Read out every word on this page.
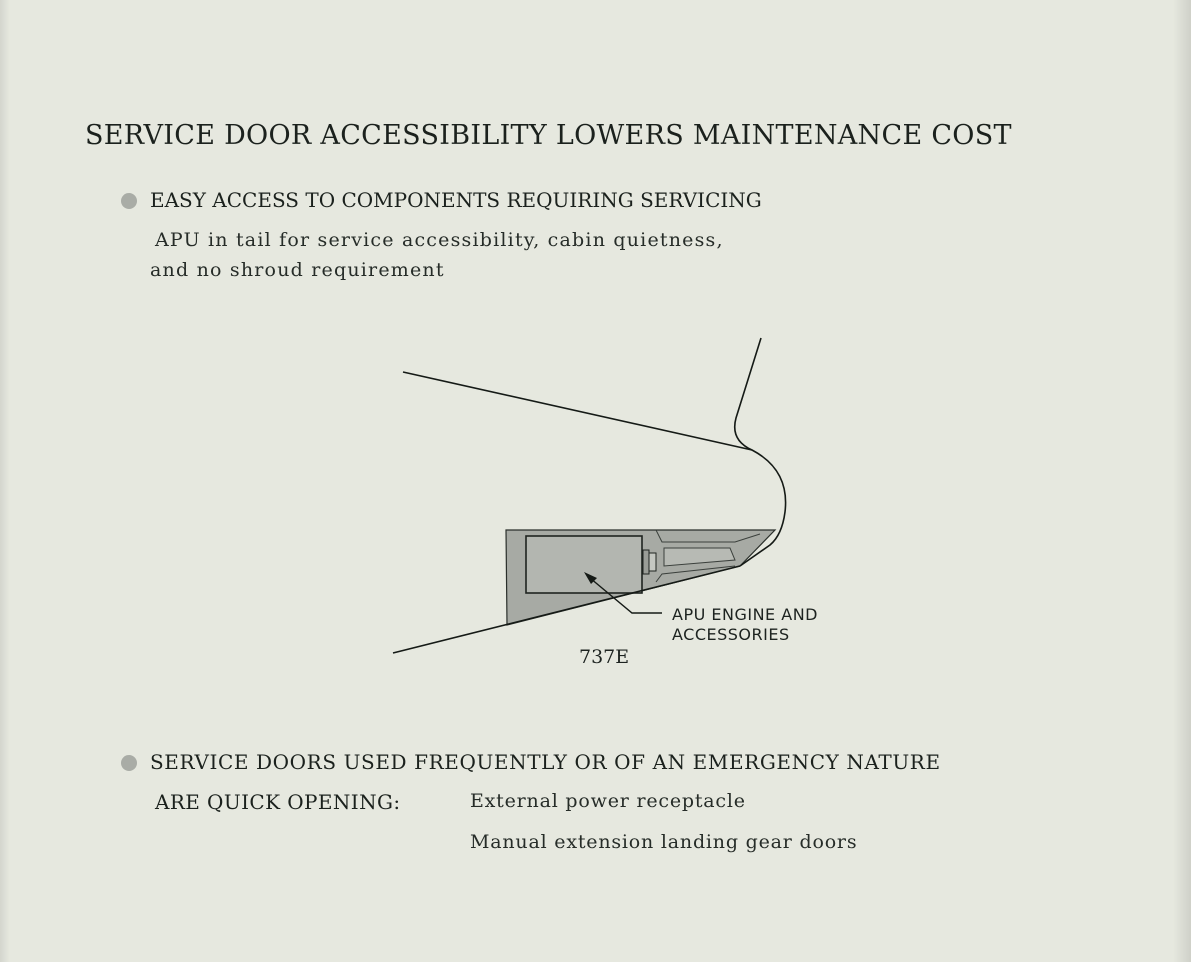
SERVICE DOOR ACCESSIBILITY LOWERS MAINTENANCE COST
EASY ACCESS TO COMPONENTS REQUIRING SERVICING
APU in tail for service accessibility, cabin quietness,
and no shroud requirement
APU ENGINE AND
ACCESSORIES
737E
SERVICE DOORS USED FREQUENTLY OR OF AN EMERGENCY NATURE
ARE QUICK OPENING:	External power receptacle
Manual extension landing gear doors
